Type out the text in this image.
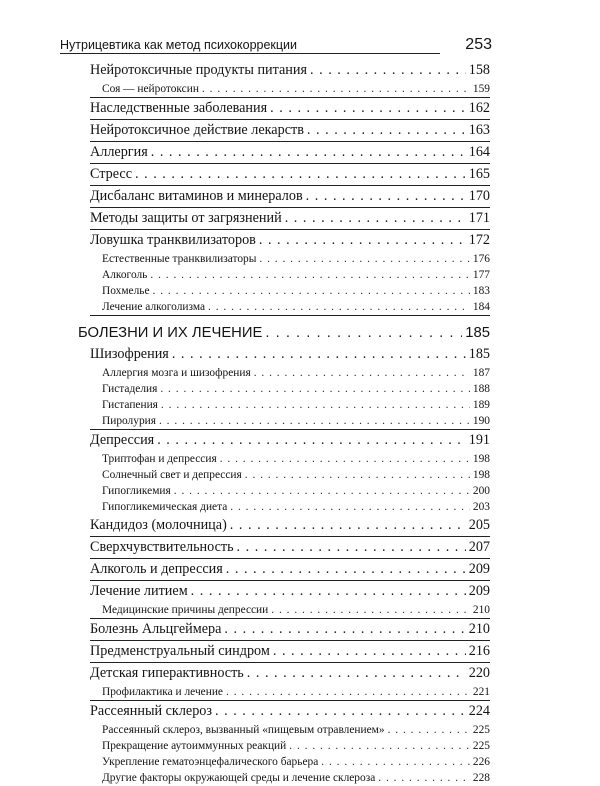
Нутрицевтика как метод психокоррекции	253
Нейротоксичные продукты питания . . .	158
Соя — нейротоксин . . .	159
Наследственные заболевания . . .	162
Нейротоксичное действие лекарств . . .	163
Аллергия . . .	164
Стресс . . .	165
Дисбаланс витаминов и минералов . . .	170
Методы защиты от загрязнений . . .	171
Ловушка транквилизаторов . . .	172
Естественные транквилизаторы . . .	176
Алкоголь . . .	177
Похмелье . . .	183
Лечение алкоголизма . . .	184
БОЛЕЗНИ И ИХ ЛЕЧЕНИЕ . . .	185
Шизофрения . . .	185
Аллергия мозга и шизофрения . . .	187
Гистаделия . . .	188
Гистапения . . .	189
Пиролурия . . .	190
Депрессия . . .	191
Триптофан и депрессия . . .	198
Солнечный свет и депрессия . . .	198
Гипогликемия . . .	200
Гипогликемическая диета . . .	203
Кандидоз (молочница) . . .	205
Сверхчувствительность . . .	207
Алкоголь и депрессия . . .	209
Лечение литием . . .	209
Медицинские причины депрессии . . .	210
Болезнь Альцгеймера . . .	210
Предменструальный синдром . . .	216
Детская гиперактивность . . .	220
Профилактика и лечение . . .	221
Рассеянный склероз . . .	224
Рассеянный склероз, вызванный «пищевым отравлением» . . .	225
Прекращение аутоиммунных реакций . . .	225
Укрепление гематоэнцефалического барьера . . .	226
Другие факторы окружающей среды и лечение склероза . . .	228
